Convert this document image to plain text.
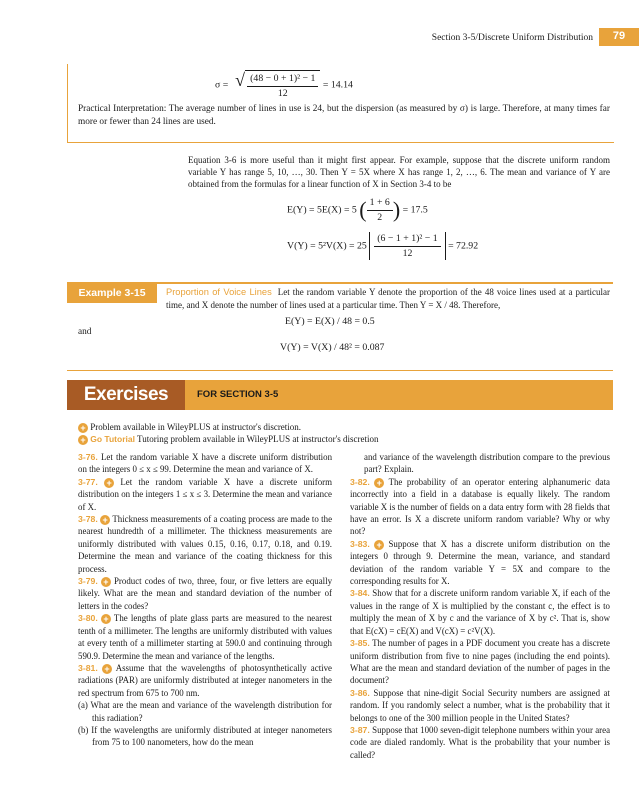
Section 3-5/Discrete Uniform Distribution	79
σ = √ $\frac{\text{(48 − 0 + 1)² − 1}}{12} = 14.14$

Practical Interpretation: The average number of lines in use is 24, but the dispersion (as measured by σ) is large. Therefore, at many times far more or fewer than 24 lines are used.

Equation 3-6 is more useful than it might first appear. For example, suppose that the discrete uniform random variable Y has range 5, 10, …, 30. Then Y = 5X where X has range 1, 2, …, 6. The mean and variance of Y are obtained from the formulas for a linear function of X in Section 3-4 to be

E(Y) = 5E(X) = 5 ( $\frac{1 + 6}{2}$ ) = 17.5
$V(Y) = 5^2V(X) = 25 \frac{\text{(6 − 1 + 1)² − 1}}{12} = 72.92$
Example 3-15	Proportion of Voice Lines Let the random variable Y denote the proportion of the 48 voice lines used at a particular time, and X denote the number of lines used at a particular time. Then Y = X / 48. Therefore,

E(Y) = E(X) / 48 = 0.5
and
V(Y) = V(X) / 48² = 0.087
Exercises	FOR SECTION 3-5
+ Problem available in WileyPLUS at instructor's discretion.
+ Go Tutorial Tutoring problem available in WileyPLUS at instructor's discretion

3-76. Let the random variable X have a discrete uniform distribution on the integers 0 ≤ x ≤ 99. Determine the mean and variance of X.

3-77. + Let the random variable X have a discrete uniform distribution on the integers 1 ≤ x ≤ 3. Determine the mean and variance of X.

3-78. + Thickness measurements of a coating process are made to the nearest hundredth of a millimeter. The thickness measurements are uniformly distributed with values 0.15, 0.16, 0.17, 0.18, and 0.19. Determine the mean and variance of the coating thickness for this process.

3-79. + Product codes of two, three, four, or five letters are equally likely. What are the mean and standard deviation of the number of letters in the codes?

3-80. + The lengths of plate glass parts are measured to the nearest tenth of a millimeter. The lengths are uniformly distributed with values at every tenth of a millimeter starting at 590.0 and continuing through 590.9. Determine the mean and variance of the lengths.

3-81. + Assume that the wavelengths of photosynthetically active radiations (PAR) are uniformly distributed at integer nanometers in the red spectrum from 675 to 700 nm.

(a) What are the mean and variance of the wavelength distribution for this radiation?

(b) If the wavelengths are uniformly distributed at integer nanometers from 75 to 100 nanometers, how do the mean

and variance of the wavelength distribution compare to the previous part? Explain.

3-82. + The probability of an operator entering alphanumeric data incorrectly into a field in a database is equally likely. The random variable X is the number of fields on a data entry form with 28 fields that have an error. Is X a discrete uniform random variable? Why or why not?

3-83. + Suppose that X has a discrete uniform distribution on the integers 0 through 9. Determine the mean, variance, and standard deviation of the random variable Y = 5X and compare to the corresponding results for X.

3-84. Show that for a discrete uniform random variable X, if each of the values in the range of X is multiplied by the constant c, the effect is to multiply the mean of X by c and the variance of X by c². That is, show that E(cX) = cE(X) and V(cX) = c²V(X).

3-85. The number of pages in a PDF document you create has a discrete uniform distribution from five to nine pages (including the end points). What are the mean and standard deviation of the number of pages in the document?

3-86. Suppose that nine-digit Social Security numbers are assigned at random. If you randomly select a number, what is the probability that it belongs to one of the 300 million people in the United States?

3-87. Suppose that 1000 seven-digit telephone numbers within your area code are dialed randomly. What is the probability that your number is called?
